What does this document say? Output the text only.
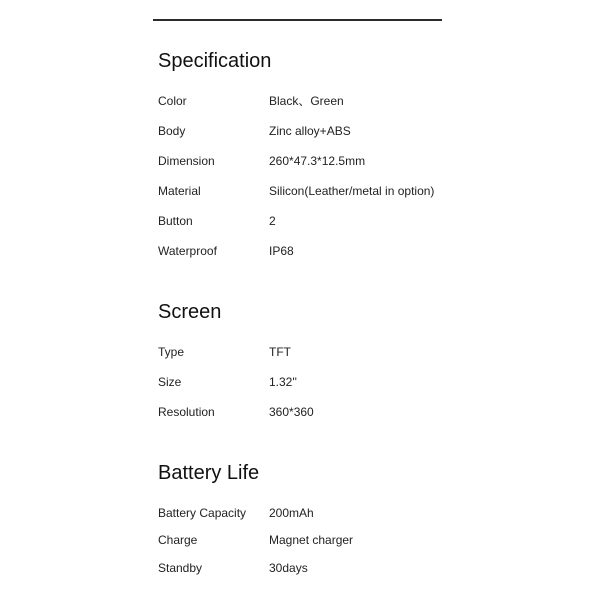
Specification
Color	Black、Green
Body	Zinc alloy+ABS
Dimension	260*47.3*12.5mm
Material	Silicon(Leather/metal in option)
Button	2
Waterproof	IP68
Screen
Type	TFT
Size	1.32''
Resolution	360*360
Battery Life
Battery Capacity 200mAh
Charge	Magnet charger
Standby	30days
